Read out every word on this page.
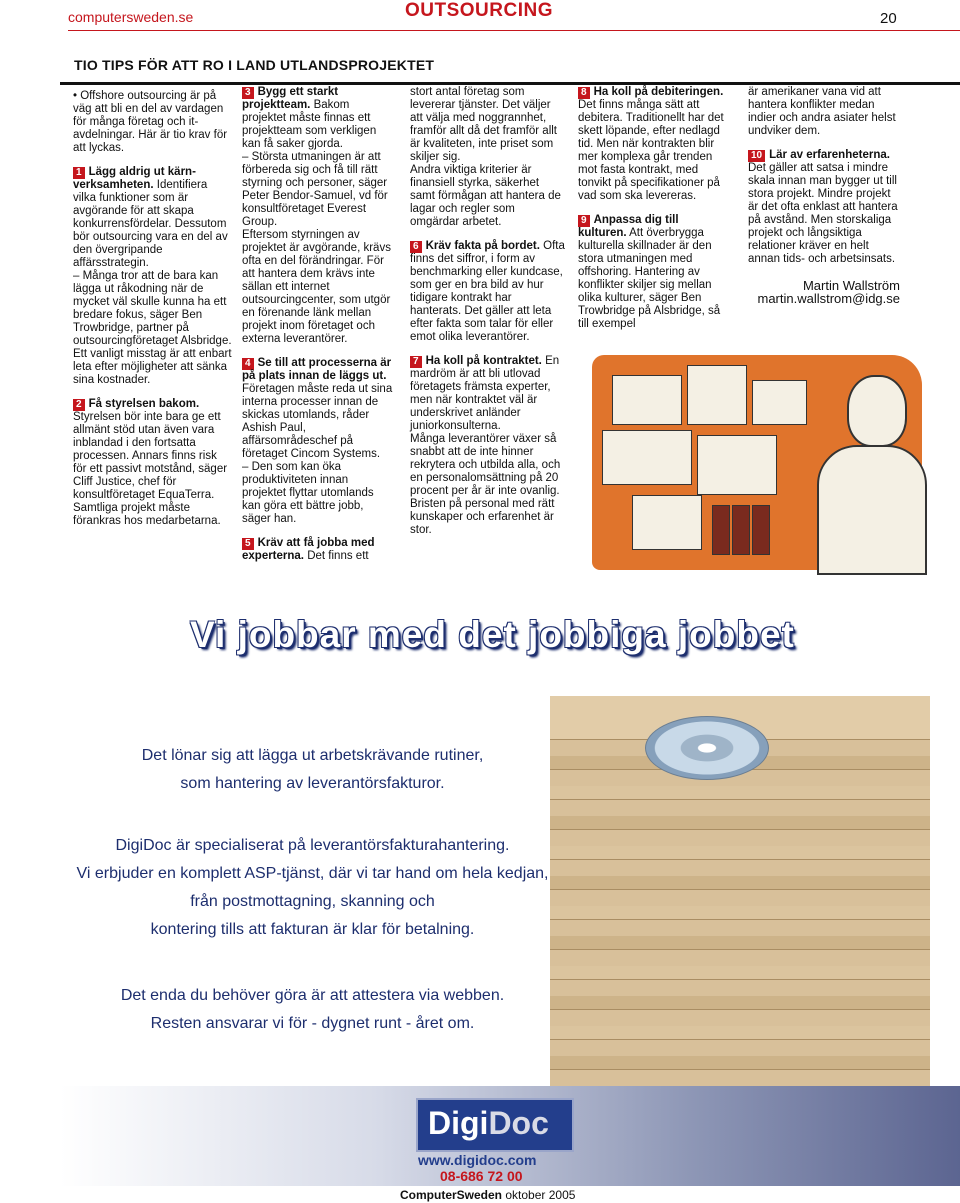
computersweden.se	OUTSOURCING	20
TIO TIPS FÖR ATT RO I LAND UTLANDSPROJEKTET

• Offshore outsourcing är på väg att bli en del av vardagen för många företag och it-avdelningar. Här är tio krav för att lyckas.

1 Lägg aldrig ut kärn-verksamheten. Identifiera vilka funktioner som är avgörande för att skapa konkurrensfördelar. Dessutom bör outsourcing vara en del av den övergripande affärsstrategin.

– Många tror att de bara kan lägga ut råkodning när de mycket väl skulle kunna ha ett bredare fokus, säger Ben Trowbridge, partner på outsourcingföretaget Alsbridge.

Ett vanligt misstag är att enbart leta efter möjligheter att sänka sina kostnader.

2 Få styrelsen bakom.

Styrelsen bör inte bara ge ett allmänt stöd utan även vara inblandad i den fortsatta processen. Annars finns risk för ett passivt motstånd, säger Cliff Justice, chef för konsultföretaget EquaTerra.

Samtliga projekt måste förankras hos medarbetarna.

3 Bygg ett starkt projektteam. Bakom projektet måste finnas ett projektteam som verkligen kan få saker gjorda.

– Största utmaningen är att förbereda sig och få till rätt styrning och personer, säger Peter Bendor-Samuel, vd för konsultföretaget Everest Group.

Eftersom styrningen av projektet är avgörande, krävs ofta en del förändringar. För att hantera dem krävs inte sällan ett internet outsourcingcenter, som utgör en förenande länk mellan projekt inom företaget och externa leverantörer.

4 Se till att processerna är på plats innan de läggs ut. Företagen måste reda ut sina interna processer innan de skickas utomlands, råder Ashish Paul, affärsområdeschef på företaget Cincom Systems.

– Den som kan öka produktiviteten innan projektet flyttar utomlands kan göra ett bättre jobb, säger han.

5 Kräv att få jobba med experterna. Det finns ett

stort antal företag som levererar tjänster. Det väljer att välja med noggrannhet, framför allt då det framför allt är kvaliteten, inte priset som skiljer sig.

Andra viktiga kriterier är finansiell styrka, säkerhet samt förmågan att hantera de lagar och regler som omgärdar arbetet.

6 Kräv fakta på bordet. Ofta finns det siffror, i form av benchmarking eller kundcase, som ger en bra bild av hur tidigare kontrakt har hanterats. Det gäller att leta efter fakta som talar för eller emot olika leverantörer.

7 Ha koll på kontraktet. En mardröm är att bli utlovad företagets främsta experter, men när kontraktet väl är underskrivet anländer juniorkonsulterna.

Många leverantörer växer så snabbt att de inte hinner rekrytera och utbilda alla, och en personalomsättning på 20 procent per år är inte ovanlig. Bristen på personal med rätt kunskaper och erfarenhet är stor.

8 Ha koll på debiteringen. Det finns många sätt att debitera. Traditionellt har det skett löpande, efter nedlagd tid. Men när kontrakten blir mer komplexa går trenden mot fasta kontrakt, med tonvikt på specifikationer på vad som ska levereras.

9 Anpassa dig till kulturen. Att överbrygga kulturella skillnader är den stora utmaningen med offshoring. Hantering av konflikter skiljer sig mellan olika kulturer, säger Ben Trowbridge på Alsbridge, så till exempel

är amerikaner vana vid att hantera konflikter medan indier och andra asiater helst undviker dem.

10 Lär av erfarenheterna. Det gäller att satsa i mindre skala innan man bygger ut till stora projekt. Mindre projekt är det ofta enklast att hantera på avstånd. Men storskaliga projekt och långsiktiga relationer kräver en helt annan tids- och arbetsinsats.

Martin Wallström
martin.wallstrom@idg.se
Vi jobbar med det jobbiga jobbet

Det lönar sig att lägga ut arbetskrävande rutiner,

som hantering av leverantörsfakturor.

DigiDoc är specialiserat på leverantörsfakturahantering.

Vi erbjuder en komplett ASP-tjänst, där vi tar hand om hela kedjan,

från postmottagning, skanning och

kontering tills att fakturan är klar för betalning.

Det enda du behöver göra är att attestera via webben.

Resten ansvarar vi för - dygnet runt - året om.

DigiDoc
www.digidoc.com
08-686 72 00
ComputerSweden oktober 2005
